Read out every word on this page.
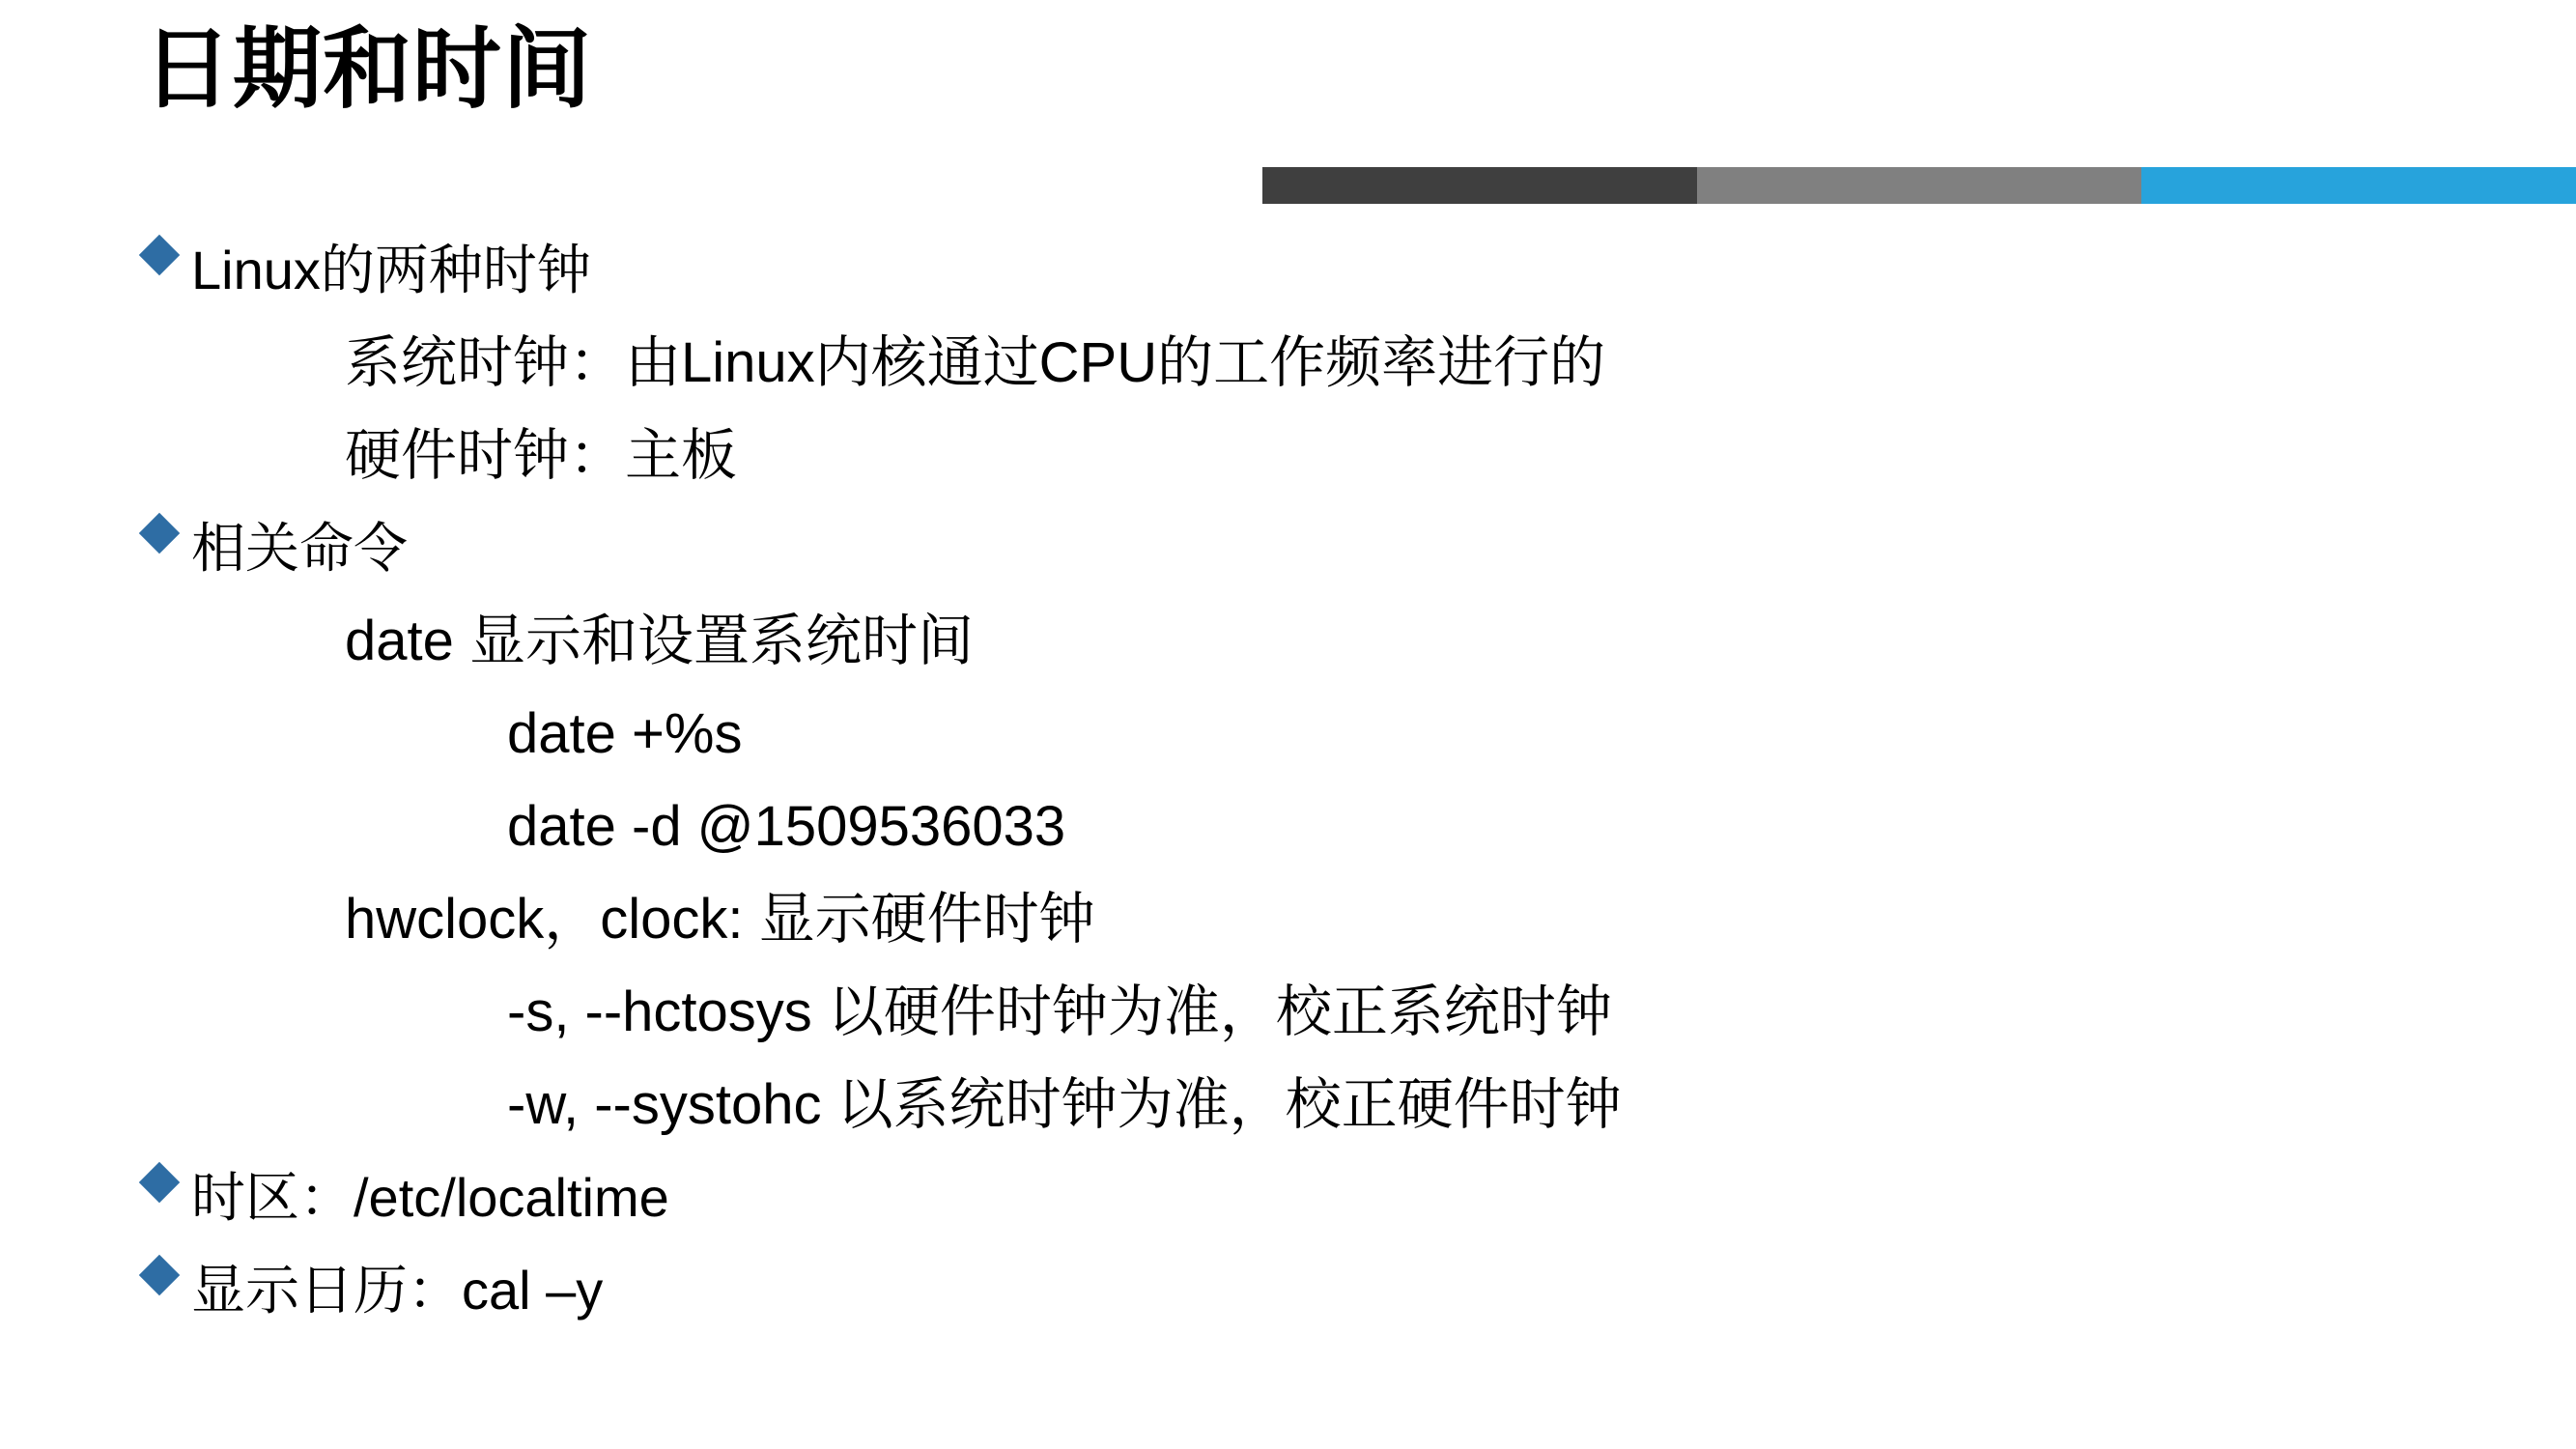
日期和时间
Linux的两种时钟
系统时钟：由Linux内核通过CPU的工作频率进行的
硬件时钟：主板
相关命令
date 显示和设置系统时间
date +%s
date -d @1509536033
hwclock，clock: 显示硬件时钟
-s, --hctosys 以硬件时钟为准，校正系统时钟
-w, --systohc 以系统时钟为准，校正硬件时钟
时区：/etc/localtime
显示日历：cal –y
